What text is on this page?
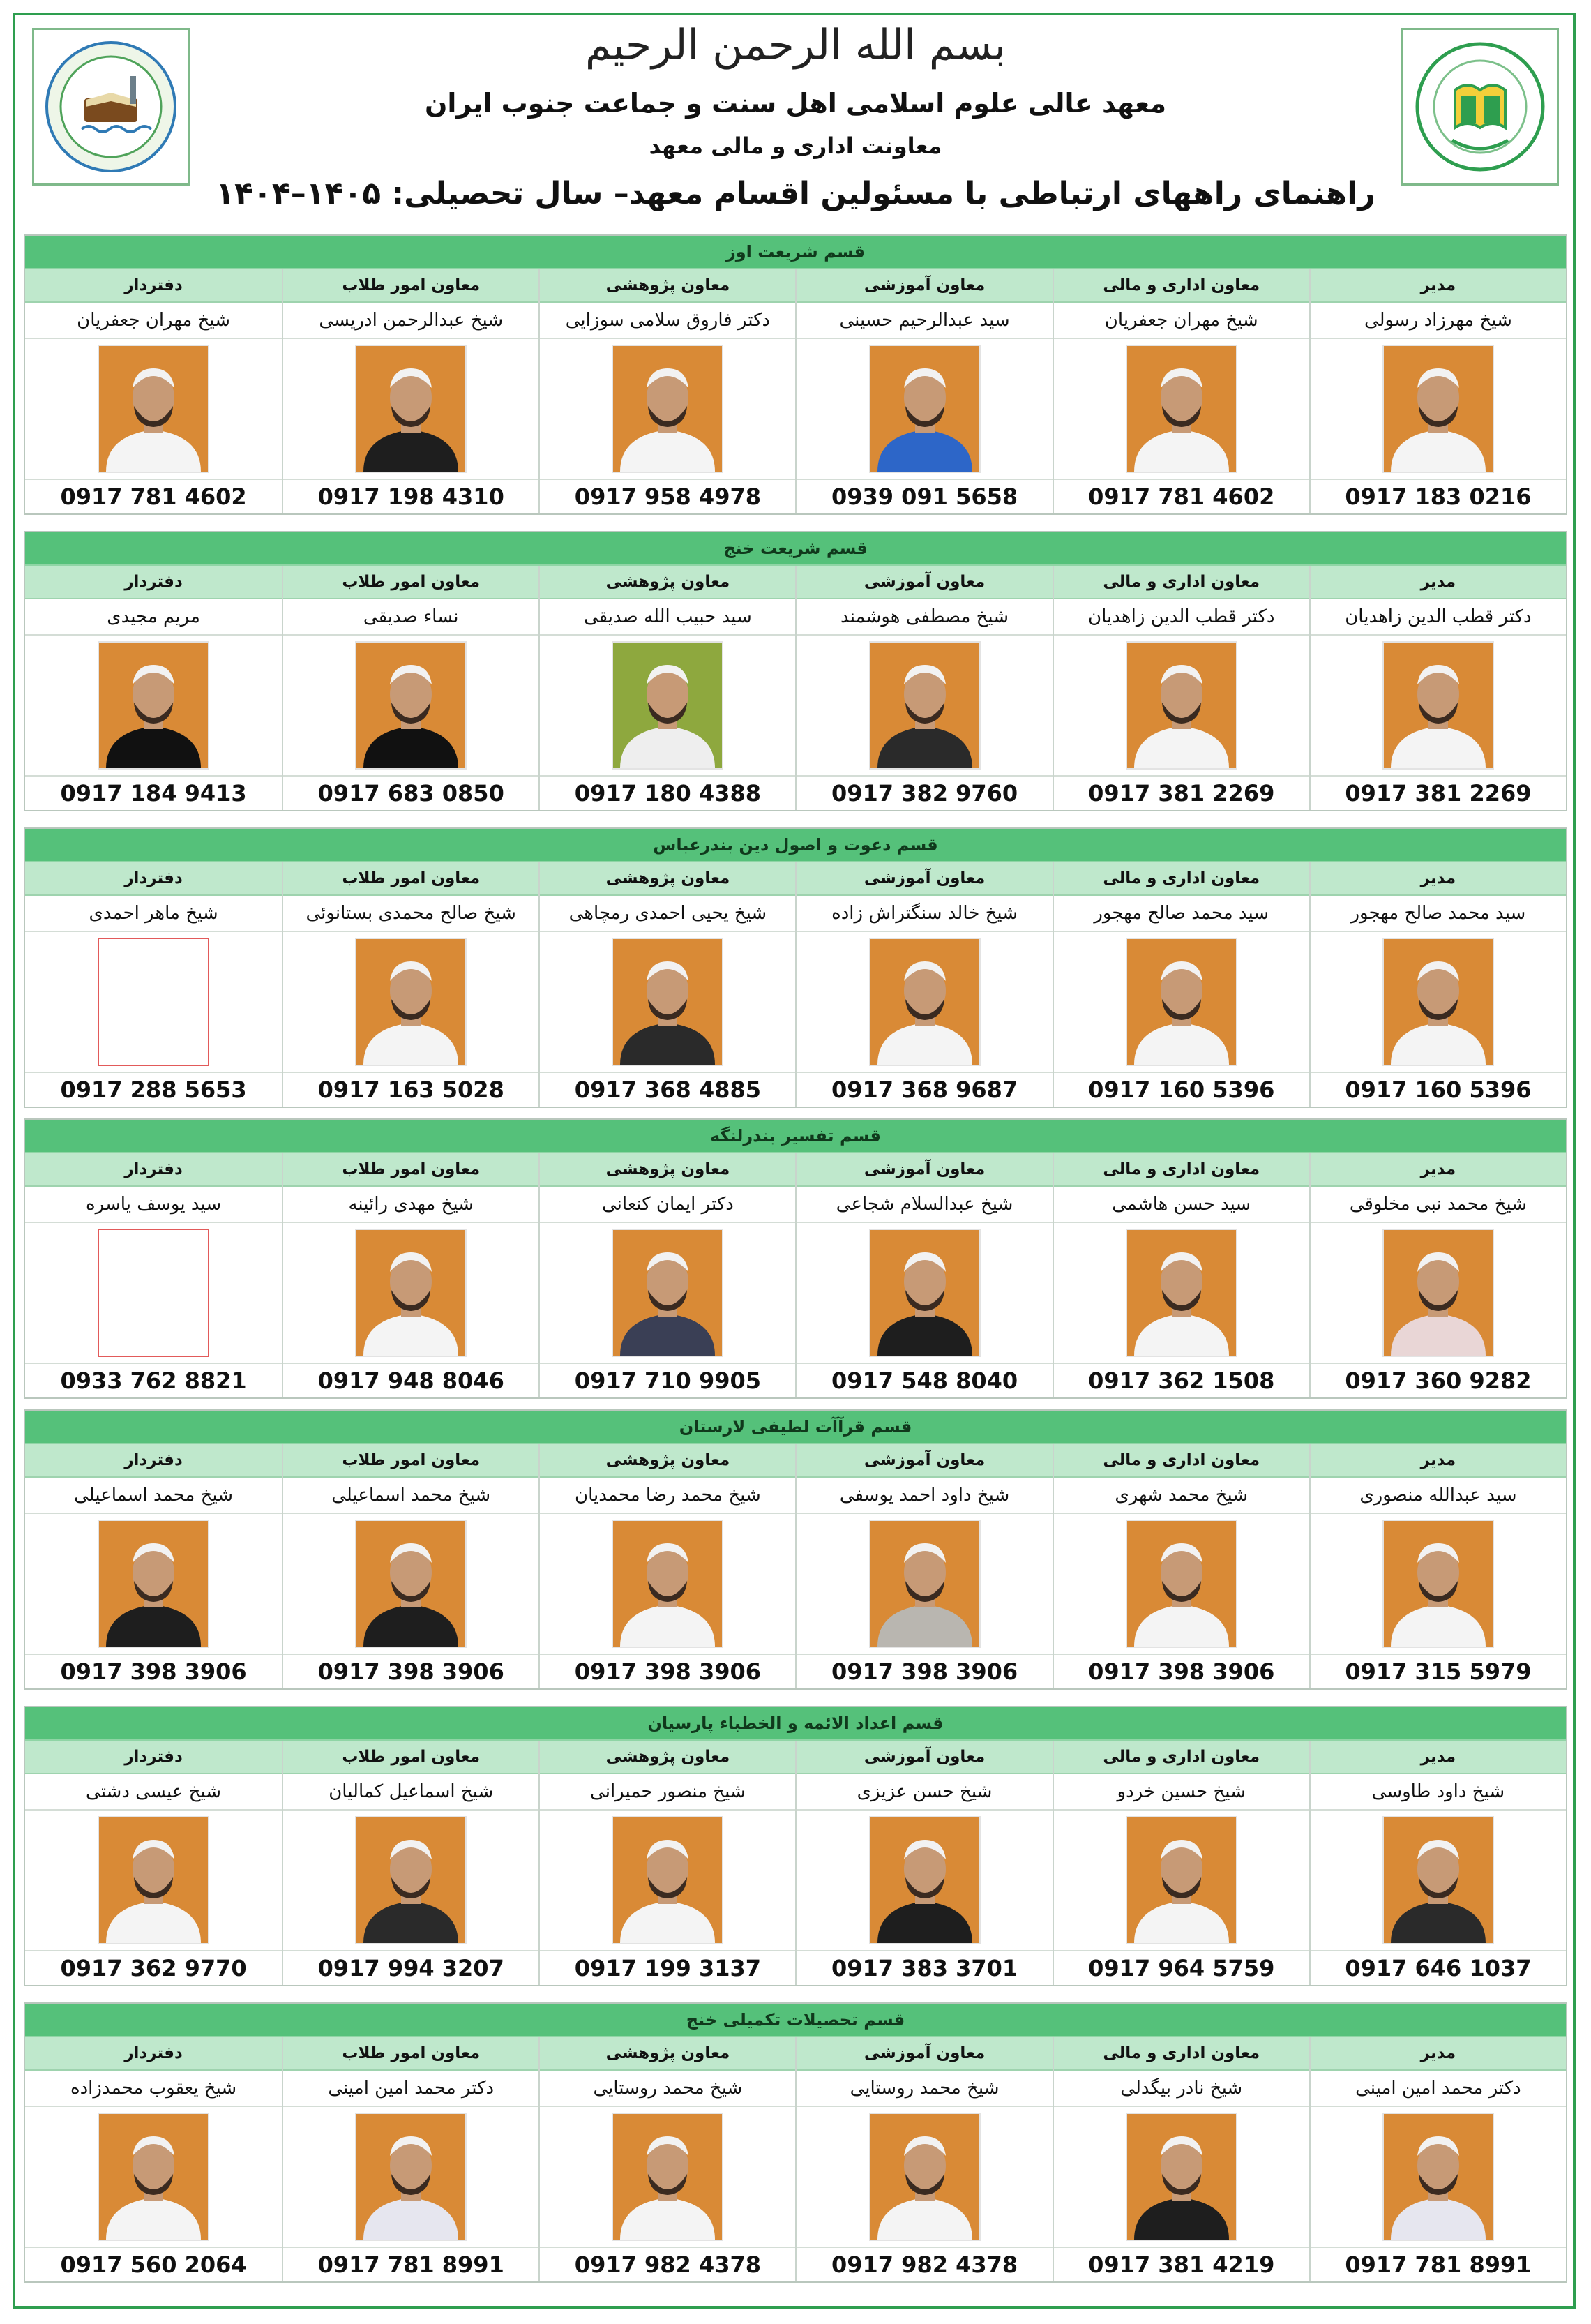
بسم الله الرحمن الرحيم
معهد عالی علوم اسلامی اهل سنت و جماعت جنوب ایران
معاونت اداری و مالی معهد
راهنمای راههای ارتباطی با مسئولین اقسام معهد– سال تحصیلی: ۱۴۰۵–۱۴۰۴
قسم شریعت اوز
مدیر
شیخ مهرزاد رسولی
0917 183 0216
معاون اداری و مالی
شیخ مهران جعفریان
0917 781 4602
معاون آموزشی
سید عبدالرحیم حسینی
0939 091 5658
معاون پژوهشی
دکتر فاروق سلامی سوزایی
0917 958 4978
معاون امور طلاب
شیخ عبدالرحمن ادریسی
0917 198 4310
دفتردار
شیخ مهران جعفریان
0917 781 4602
قسم شریعت خنج
مدیر
دکتر قطب الدین زاهدیان
0917 381 2269
معاون اداری و مالی
دکتر قطب الدین زاهدیان
0917 381 2269
معاون آموزشی
شیخ مصطفی هوشمند
0917 382 9760
معاون پژوهشی
سید حبیب الله صدیقی
0917 180 4388
معاون امور طلاب
نساء صدیقی
0917 683 0850
دفتردار
مریم مجیدی
0917 184 9413
قسم دعوت و اصول دین بندرعباس
مدیر
سید محمد صالح مهجور
0917 160 5396
معاون اداری و مالی
سید محمد صالح مهجور
0917 160 5396
معاون آموزشی
شیخ خالد سنگتراش زاده
0917 368 9687
معاون پژوهشی
شیخ یحیی احمدی رمچاهی
0917 368 4885
معاون امور طلاب
شیخ صالح محمدی بستانوئی
0917 163 5028
دفتردار
شیخ ماهر احمدی
0917 288 5653
قسم تفسیر بندرلنگه
مدیر
شیخ محمد نبی مخلوقی
0917 360 9282
معاون اداری و مالی
سید حسن هاشمی
0917 362 1508
معاون آموزشی
شیخ عبدالسلام شجاعی
0917 548 8040
معاون پژوهشی
دکتر ایمان کنعانی
0917 710 9905
معاون امور طلاب
شیخ مهدی رائینه
0917 948 8046
دفتردار
سید یوسف یاسره
0933 762 8821
قسم قرآآت لطیفی لارستان
مدیر
سید عبدالله منصوری
0917 315 5979
معاون اداری و مالی
شیخ محمد شهری
0917 398 3906
معاون آموزشی
شیخ داود احمد یوسفی
0917 398 3906
معاون پژوهشی
شیخ محمد رضا محمدیان
0917 398 3906
معاون امور طلاب
شیخ محمد اسماعیلی
0917 398 3906
دفتردار
شیخ محمد اسماعیلی
0917 398 3906
قسم اعداد الائمه و الخطباء پارسیان
مدیر
شیخ داود طاوسی
0917 646 1037
معاون اداری و مالی
شیخ حسین خردو
0917 964 5759
معاون آموزشی
شیخ حسن عزیزی
0917 383 3701
معاون پژوهشی
شیخ منصور حمیرانی
0917 199 3137
معاون امور طلاب
شیخ اسماعیل کمالیان
0917 994 3207
دفتردار
شیخ عیسی دشتی
0917 362 9770
قسم تحصیلات تکمیلی خنج
مدیر
دکتر محمد امین امینی
0917 781 8991
معاون اداری و مالی
شیخ نادر بیگدلی
0917 381 4219
معاون آموزشی
شیخ محمد روستایی
0917 982 4378
معاون پژوهشی
شیخ محمد روستایی
0917 982 4378
معاون امور طلاب
دکتر محمد امین امینی
0917 781 8991
دفتردار
شیخ یعقوب محمدزاده
0917 560 2064
